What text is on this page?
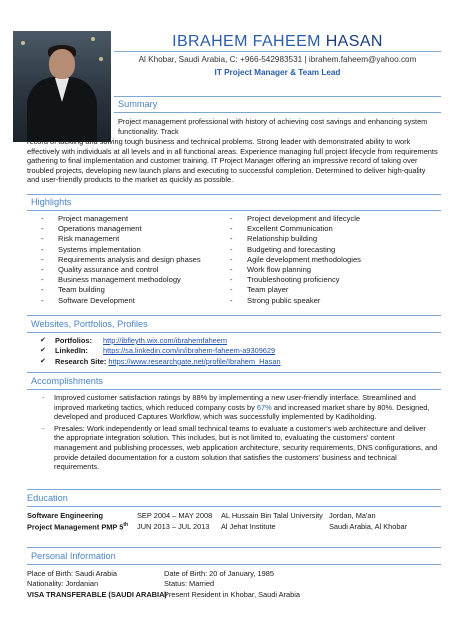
IBRAHEM FAHEEM HASAN
Al Khobar, Saudi Arabia, C: +966-542983531 | ibrahem.faheem@yahoo.com
IT Project Manager & Team Lead
Summary
Project management professional with history of achieving cost savings and enhancing system
functionality. Track
record of tackling and solving tough business and technical problems. Strong leader with demonstrated ability to work effectively with individuals at all levels and in all functional areas. Experience managing full project lifecycle from requirements gathering to final implementation and customer training. IT Project Manager offering an impressive record of taking over troubled projects, developing new launch plans and executing to successful completion. Determined to deliver high-quality and user-friendly products to the market as quickly as possible.
Highlights
- Project management
- Operations management
- Risk management
- Systems implementation
- Requirements analysis and design phases
- Quality assurance and control
- Business management methodology
- Team building
- Software Development
- Project development and lifecycle
- Excellent Communication
- Relationship building
- Budgeting and forecasting
- Agile development methodologies
- Work flow planning
- Troubleshooting proficiency
- Team player
- Strong public speaker
Websites, Portfolios, Profiles
✔ Portfolios: http://ibfleyth.wix.com/ibrahemfaheem
✔ LinkedIn: https://sa.linkedin.com/in/ibrahem-faheem-a9309629
✔ Research Site: https://www.researchgate.net/profile/Ibrahem_Hasan
Accomplishments
- Improved customer satisfaction ratings by 88% by implementing a new user-friendly interface. Streamlined and improved marketing tactics, which reduced company costs by 67% and increased market share by 80%. Designed, developed and produced Captures Workflow, which was successfully implemented by Kadiholding.
- Presales: Work independently or lead small technical teams to evaluate a customer's web architecture and deliver the appropriate integration solution. This includes, but is not limited to, evaluating the customers' content management and publishing processes, web application architecture, security requirements, DNS configurations, and provide detailed documentation for a custom solution that satisfies the customers' business and technical requirements.
Education
Software Engineering	SEP 2004 – MAY 2008	AL Hussain Bin Talal University	Jordan, Ma'an
Project Management PMP 5th	JUN 2013 – JUL 2013	Al Jehat Institute	Saudi Arabia, Al Khobar
Personal Information
Place of Birth: Saudi Arabia
Nationality: Jordanian
VISA TRANSFERABLE (SAUDI ARABIA)
Date of Birth: 20 of January, 1985
Status: Married
Present Resident in Khobar, Saudi Arabia
